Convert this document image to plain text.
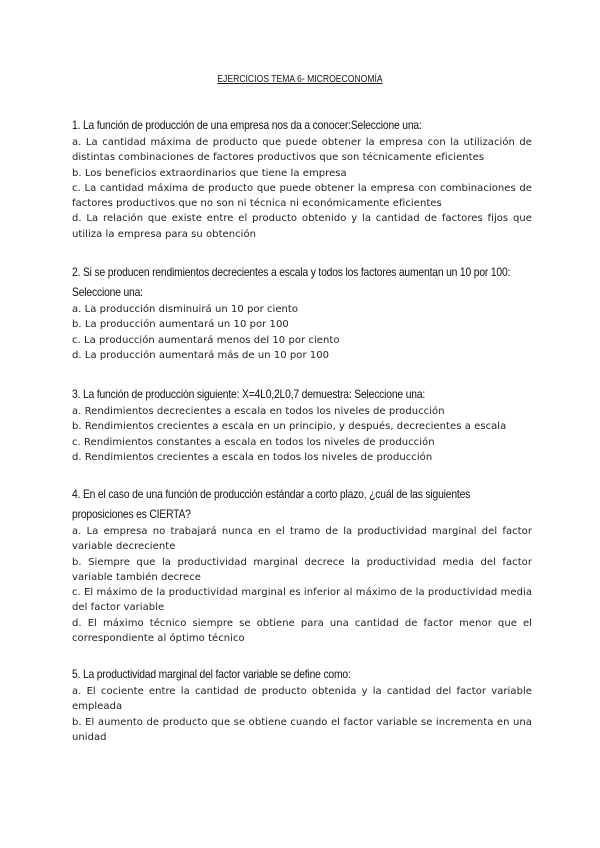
EJERCICIOS TEMA 6- MICROECONOMÍA
1. La función de producción de una empresa nos da a conocer:Seleccione una:
a. La cantidad máxima de producto que puede obtener la empresa con la utilización de distintas combinaciones de factores productivos que son técnicamente eficientes
b. Los beneficios extraordinarios que tiene la empresa
c. La cantidad máxima de producto que puede obtener la empresa con combinaciones de factores productivos que no son ni técnica ni económicamente eficientes
d. La relación que existe entre el producto obtenido y la cantidad de factores fijos que utiliza la empresa para su obtención
2. Si se producen rendimientos decrecientes a escala y todos los factores aumentan un 10 por 100: Seleccione una:
a. La producción disminuirá un 10 por ciento
b. La producción aumentará un 10 por 100
c. La producción aumentará menos del 10 por ciento
d. La producción aumentará más de un 10 por 100
3. La función de producción siguiente: X=4L0,2L0,7 demuestra: Seleccione una:
a. Rendimientos decrecientes a escala en todos los niveles de producción
b. Rendimientos crecientes a escala en un principio, y después, decrecientes a escala
c. Rendimientos constantes a escala en todos los niveles de producción
d. Rendimientos crecientes a escala en todos los niveles de producción
4. En el caso de una función de producción estándar a corto plazo, ¿cuál de las siguientes proposiciones es CIERTA?
a. La empresa no trabajará nunca en el tramo de la productividad marginal del factor variable decreciente
b. Siempre que la productividad marginal decrece la productividad media del factor variable también decrece
c. El máximo de la productividad marginal es inferior al máximo de la productividad media del factor variable
d. El máximo técnico siempre se obtiene para una cantidad de factor menor que el correspondiente al óptimo técnico
5. La productividad marginal del factor variable se define como:
a. El cociente entre la cantidad de producto obtenida y la cantidad del factor variable empleada
b. El aumento de producto que se obtiene cuando el factor variable se incrementa en una unidad
